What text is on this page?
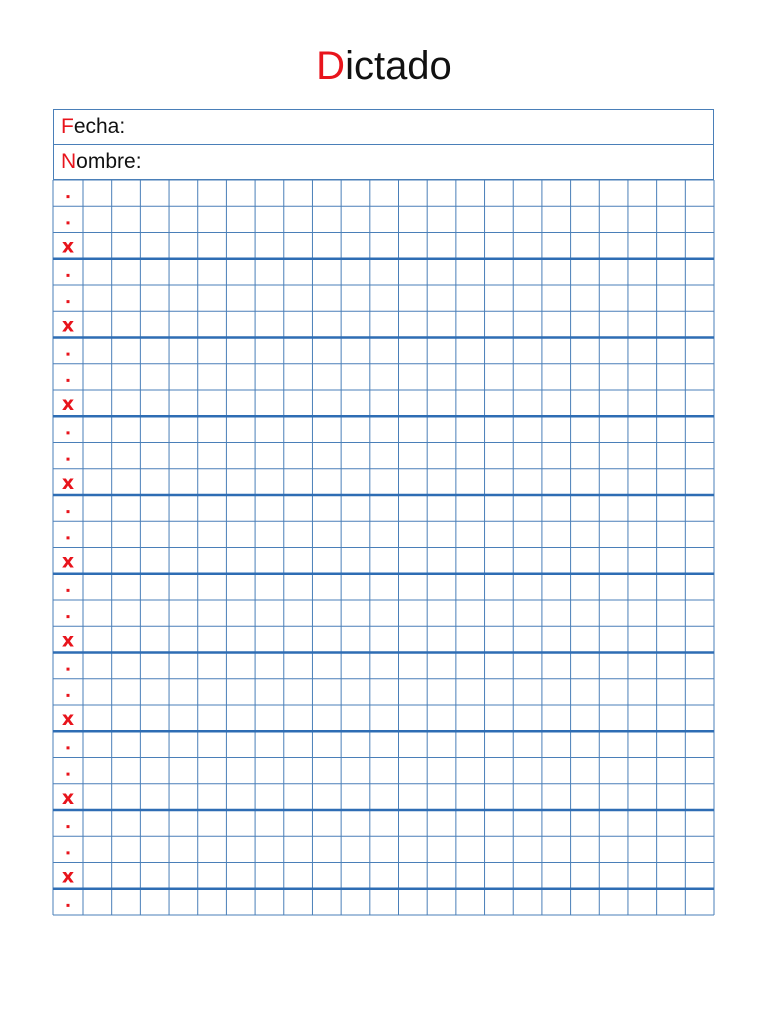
Dictado
Fecha:
Nombre:
x
x
x
x
x
x
x
x
x
